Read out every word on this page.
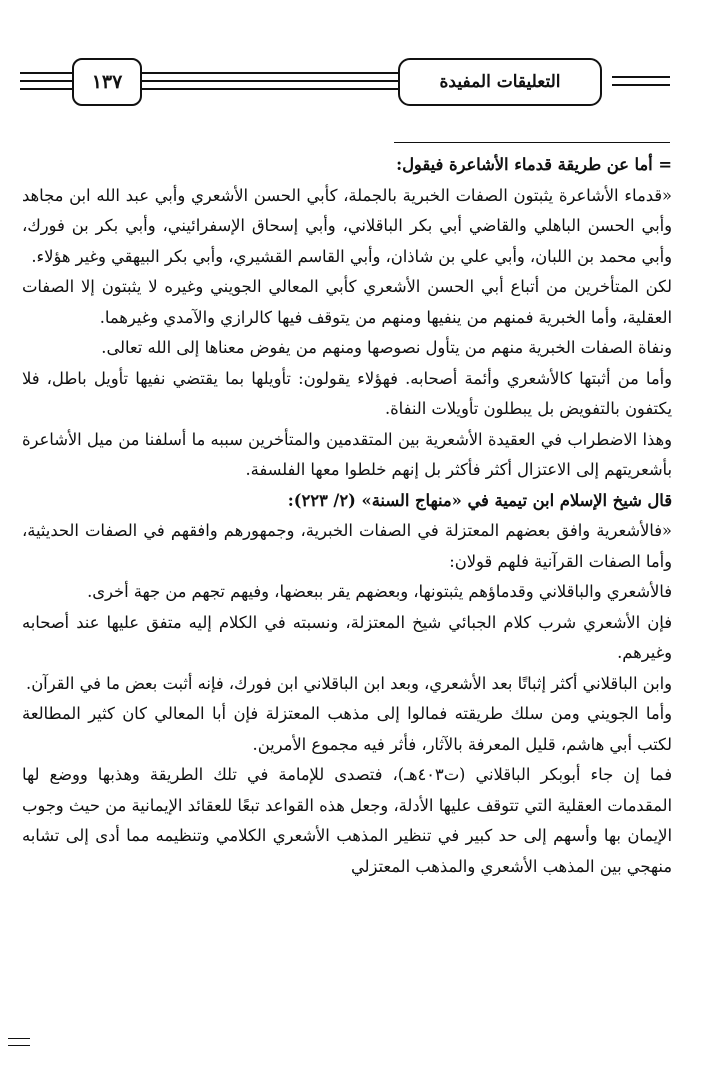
١٣٧	التعليقات المفيدة

= أما عن طريقة قدماء الأشاعرة فيقول:

«قدماء الأشاعرة يثبتون الصفات الخبرية بالجملة، كأبي الحسن الأشعري وأبي عبد الله ابن مجاهد وأبي الحسن الباهلي والقاضي أبي بكر الباقلاني، وأبي إسحاق الإسفرائيني، وأبي بكر بن فورك، وأبي محمد بن اللبان، وأبي علي بن شاذان، وأبي القاسم القشيري، وأبي بكر البيهقي وغير هؤلاء.

لكن المتأخرين من أتباع أبي الحسن الأشعري كأبي المعالي الجويني وغيره لا يثبتون إلا الصفات العقلية، وأما الخبرية فمنهم من ينفيها ومنهم من يتوقف فيها كالرازي والآمدي وغيرهما.

ونفاة الصفات الخبرية منهم من يتأول نصوصها ومنهم من يفوض معناها إلى الله تعالى.

وأما من أثبتها كالأشعري وأئمة أصحابه. فهؤلاء يقولون: تأويلها بما يقتضي نفيها تأويل باطل، فلا يكتفون بالتفويض بل يبطلون تأويلات النفاة.

وهذا الاضطراب في العقيدة الأشعرية بين المتقدمين والمتأخرين سببه ما أسلفنا من ميل الأشاعرة بأشعريتهم إلى الاعتزال أكثر فأكثر بل إنهم خلطوا معها الفلسفة.

قال شيخ الإسلام ابن تيمية في «منهاج السنة» (٢/ ٢٢٣):

«فالأشعرية وافق بعضهم المعتزلة في الصفات الخبرية، وجمهورهم وافقهم في الصفات الحديثية، وأما الصفات القرآنية فلهم قولان:

فالأشعري والباقلاني وقدماؤهم يثبتونها، وبعضهم يقر ببعضها، وفيهم تجهم من جهة أخرى.

فإن الأشعري شرب كلام الجبائي شيخ المعتزلة، ونسبته في الكلام إليه متفق عليها عند أصحابه وغيرهم.

وابن الباقلاني أكثر إثباتًا بعد الأشعري، وبعد ابن الباقلاني ابن فورك، فإنه أثبت بعض ما في القرآن.

وأما الجويني ومن سلك طريقته فمالوا إلى مذهب المعتزلة فإن أبا المعالي كان كثير المطالعة لكتب أبي هاشم، قليل المعرفة بالآثار، فأثر فيه مجموع الأمرين.

فما إن جاء أبوبكر الباقلاني (ت٤٠٣هـ)، فتصدى للإمامة في تلك الطريقة وهذبها ووضع لها المقدمات العقلية التي تتوقف عليها الأدلة، وجعل هذه القواعد تبعًا للعقائد الإيمانية من حيث وجوب الإيمان بها وأسهم إلى حد كبير في تنظير المذهب الأشعري الكلامي وتنظيمه مما أدى إلى تشابه منهجي بين المذهب الأشعري والمذهب المعتزلي
